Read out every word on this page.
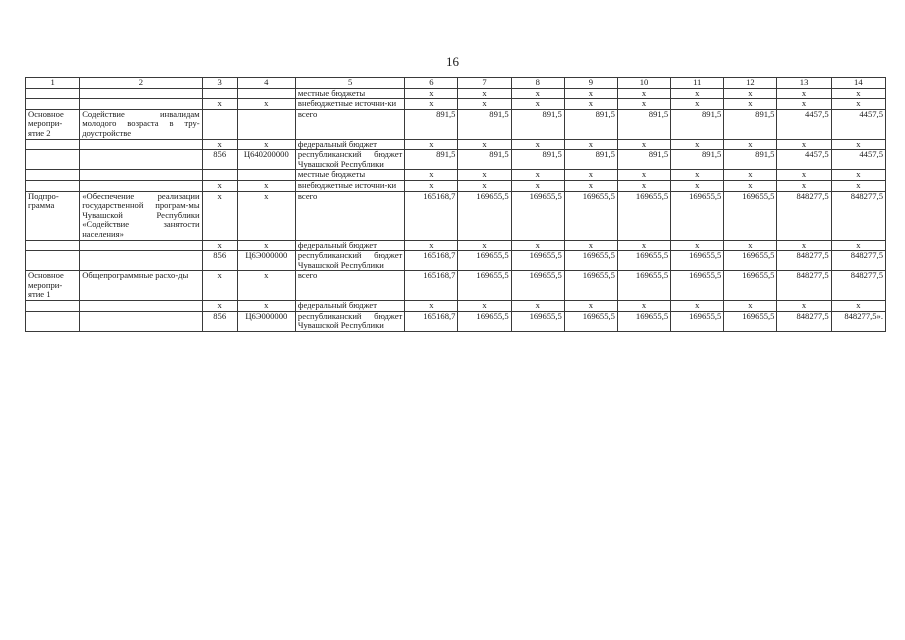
16
1	2	3	4	5	6	7	8	9	10	11	12	13	14
				местные бюджеты	x	x	x	x	x	x	x	x	x
		x	x	внебюджетные источни-ки	x	x	x	x	x	x	x	x	x
Основное меропри-ятие 2	Содействие инвалидам молодого возраста в тру-доустройстве			всего	891,5	891,5	891,5	891,5	891,5	891,5	891,5	4457,5	4457,5
		x	x	федеральный бюджет	x	x	x	x	x	x	x	x	x
		856	Ц640200000	республиканский бюджет Чувашской Республики	891,5	891,5	891,5	891,5	891,5	891,5	891,5	4457,5	4457,5
				местные бюджеты	x	x	x	x	x	x	x	x	x
		x	x	внебюджетные источни-ки	x	x	x	x	x	x	x	x	x
Подпро-грамма	«Обеспечение реализации государственной програм-мы Чувашской Республики «Содействие занятости населения»	x	x	всего	165168,7	169655,5	169655,5	169655,5	169655,5	169655,5	169655,5	848277,5	848277,5
		x	x	федеральный бюджет	x	x	x	x	x	x	x	x	x
		856	Ц6Э000000	республиканский бюджет Чувашской Республики	165168,7	169655,5	169655,5	169655,5	169655,5	169655,5	169655,5	848277,5	848277,5
Основное меропри-ятие 1	Общепрограммные расхо-ды	x	x	всего	165168,7	169655,5	169655,5	169655,5	169655,5	169655,5	169655,5	848277,5	848277,5
		x	x	федеральный бюджет	x	x	x	x	x	x	x	x	x
		856	Ц6Э000000	республиканский бюджет Чувашской Республики	165168,7	169655,5	169655,5	169655,5	169655,5	169655,5	169655,5	848277,5	848277,5».
